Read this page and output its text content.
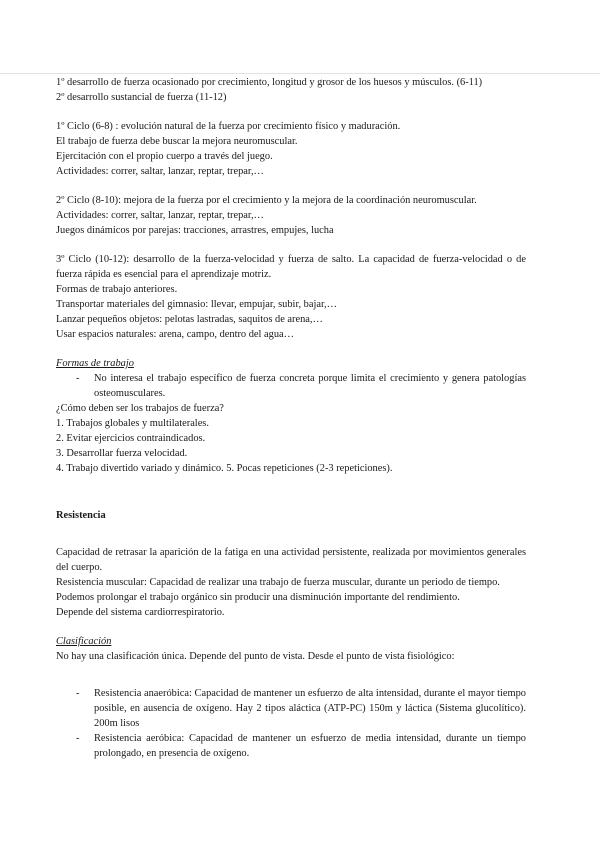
1º desarrollo de fuerza ocasionado por crecimiento, longitud y grosor de los huesos y músculos. (6-11)

2º desarrollo sustancial de fuerza (11-12)

1º Ciclo (6-8) : evolución natural de la fuerza por crecimiento físico y maduración.

El trabajo de fuerza debe buscar la mejora neuromuscular.

Ejercitación con el propio cuerpo a través del juego.

Actividades: correr, saltar, lanzar, reptar, trepar,…

2º Ciclo (8-10): mejora de la fuerza por el crecimiento y la mejora de la coordinación neuromuscular.

Actividades: correr, saltar, lanzar, reptar, trepar,…

Juegos dinámicos por parejas: tracciones, arrastres, empujes, lucha

3º Ciclo (10-12): desarrollo de la fuerza-velocidad y fuerza de salto. La capacidad de fuerza-velocidad o de fuerza rápida es esencial para el aprendizaje motriz.

Formas de trabajo anteriores.

Transportar materiales del gimnasio: llevar, empujar, subir, bajar,…

Lanzar pequeños objetos: pelotas lastradas, saquitos de arena,…

Usar espacios naturales: arena, campo, dentro del agua…

Formas de trabajo

- No interesa el trabajo específico de fuerza concreta porque limita el crecimiento y genera patologías osteomusculares.

¿Cómo deben ser los trabajos de fuerza?

1. Trabajos globales y multilaterales.

2. Evitar ejercicios contraindicados.

3. Desarrollar fuerza velocidad.

4. Trabajo divertido variado y dinámico. 5. Pocas repeticiones (2-3 repeticiones).

Resistencia

Capacidad de retrasar la aparición de la fatiga en una actividad persistente, realizada por movimientos generales del cuerpo.

Resistencia muscular: Capacidad de realizar una trabajo de fuerza muscular, durante un periodo de tiempo.

Podemos prolongar el trabajo orgánico sin producir una disminución importante del rendimiento.

Depende del sistema cardiorrespiratorio.

Clasificación

No hay una clasificación única. Depende del punto de vista. Desde el punto de vista fisiológico:

- Resistencia anaeróbica: Capacidad de mantener un esfuerzo de alta intensidad, durante el mayor tiempo posible, en ausencia de oxígeno. Hay 2 tipos aláctica (ATP-PC) 150m y láctica (Sistema glucolítico). 200m lisos
- Resistencia aeróbica: Capacidad de mantener un esfuerzo de media intensidad, durante un tiempo prolongado, en presencia de oxígeno.
